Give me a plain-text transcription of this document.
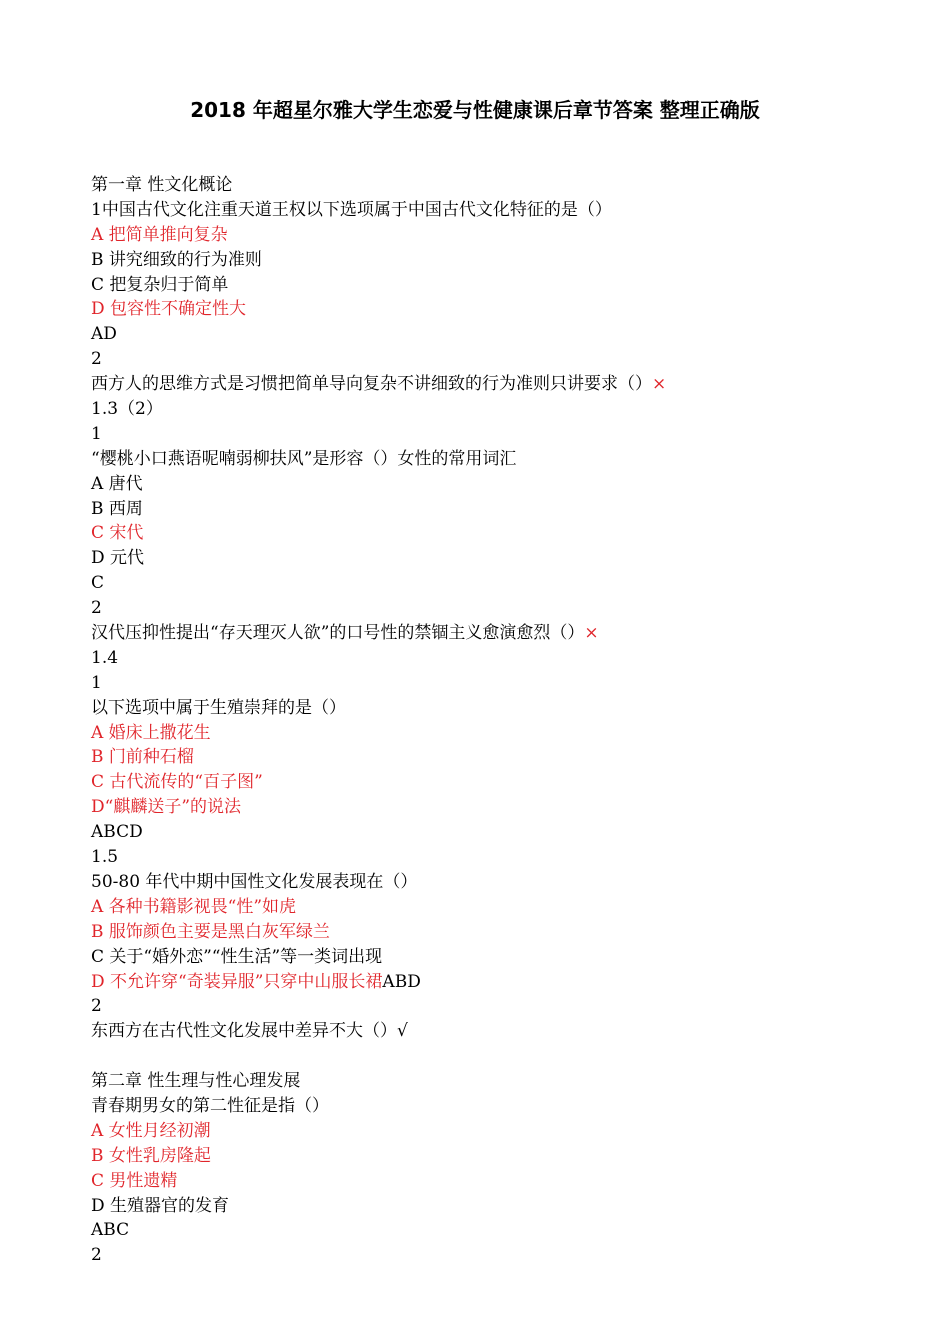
2018 年超星尔雅大学生恋爱与性健康课后章节答案 整理正确版
第一章 性文化概论
1中国古代文化注重天道王权以下选项属于中国古代文化特征的是（）
A 把简单推向复杂
B 讲究细致的行为准则
C 把复杂归于简单
D 包容性不确定性大
AD
2
西方人的思维方式是习惯把简单导向复杂不讲细致的行为准则只讲要求（）×
1.3（2）
1
“樱桃小口燕语呢喃弱柳扶风”是形容（）女性的常用词汇
A 唐代
B 西周
C 宋代
D 元代
C
2
汉代压抑性提出“存天理灭人欲”的口号性的禁锢主义愈演愈烈（）×
1.4
1
以下选项中属于生殖崇拜的是（）
A 婚床上撒花生
B 门前种石榴
C 古代流传的“百子图”
D“麒麟送子”的说法
ABCD
1.5
50-80 年代中期中国性文化发展表现在（）
A 各种书籍影视畏“性”如虎
B 服饰颜色主要是黑白灰军绿兰
C 关于“婚外恋”“性生活”等一类词出现
D 不允许穿“奇装异服”只穿中山服长裙ABD
2
东西方在古代性文化发展中差异不大（）√
第二章 性生理与性心理发展
青春期男女的第二性征是指（）
A 女性月经初潮
B 女性乳房隆起
C 男性遗精
D 生殖器官的发育
ABC
2
